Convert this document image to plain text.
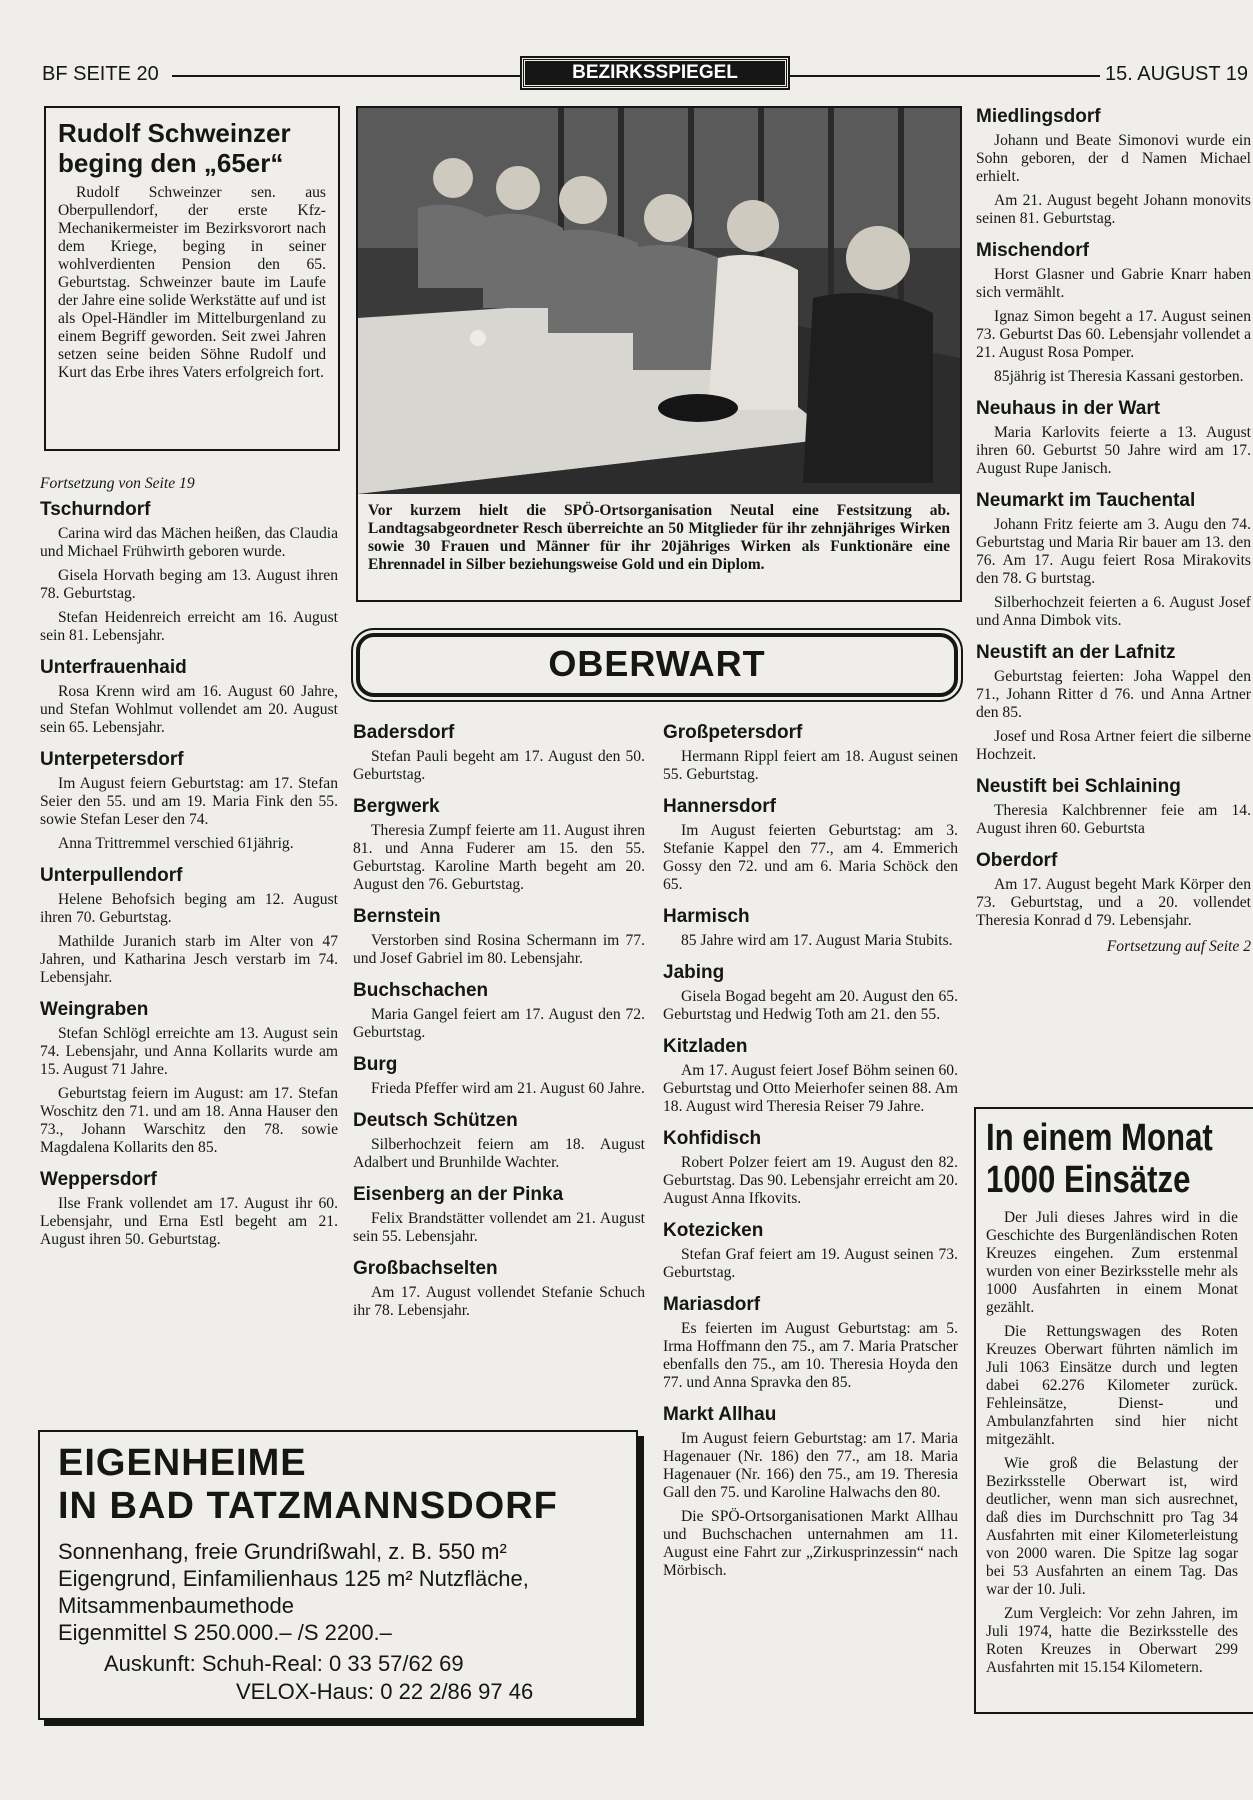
BF SEITE 20	BEZIRKSSPIEGEL	15. AUGUST 19
Rudolf Schweinzer beging den „65er“

Rudolf Schweinzer sen. aus Oberpullendorf, der erste Kfz-Mechanikermeister im Bezirksvorort nach dem Kriege, beging in seiner wohlverdienten Pension den 65. Geburtstag. Schweinzer baute im Laufe der Jahre eine solide Werkstätte auf und ist als Opel-Händler im Mittelburgenland zu einem Begriff geworden. Seit zwei Jahren setzen seine beiden Söhne Rudolf und Kurt das Erbe ihres Vaters erfolgreich fort.

Vor kurzem hielt die SPÖ-Ortsorganisation Neutal eine Festsitzung ab. Landtagsabgeordneter Resch überreichte an 50 Mitglieder für ihr zehnjähriges Wirken sowie 30 Frauen und Männer für ihr 20jähriges Wirken als Funktionäre eine Ehrennadel in Silber beziehungsweise Gold und ein Diplom.
OBERWART

Fortsetzung von Seite 19

Tschurndorf

Carina wird das Mächen heißen, das Claudia und Michael Frühwirth geboren wurde.

Gisela Horvath beging am 13. August ihren 78. Geburtstag.

Stefan Heidenreich erreicht am 16. August sein 81. Lebensjahr.

Unterfrauenhaid

Rosa Krenn wird am 16. August 60 Jahre, und Stefan Wohlmut vollendet am 20. August sein 65. Lebensjahr.

Unterpetersdorf

Im August feiern Geburtstag: am 17. Stefan Seier den 55. und am 19. Maria Fink den 55. sowie Stefan Leser den 74.

Anna Trittremmel verschied 61jährig.

Unterpullendorf

Helene Behofsich beging am 12. August ihren 70. Geburtstag.

Mathilde Juranich starb im Alter von 47 Jahren, und Katharina Jesch verstarb im 74. Lebensjahr.

Weingraben

Stefan Schlögl erreichte am 13. August sein 74. Lebensjahr, und Anna Kollarits wurde am 15. August 71 Jahre.

Geburtstag feiern im August: am 17. Stefan Woschitz den 71. und am 18. Anna Hauser den 73., Johann Warschitz den 78. sowie Magdalena Kollarits den 85.

Weppersdorf

Ilse Frank vollendet am 17. August ihr 60. Lebensjahr, und Erna Estl begeht am 21. August ihren 50. Geburtstag.

Badersdorf

Stefan Pauli begeht am 17. August den 50. Geburtstag.

Bergwerk

Theresia Zumpf feierte am 11. August ihren 81. und Anna Fuderer am 15. den 55. Geburtstag. Karoline Marth begeht am 20. August den 76. Geburtstag.

Bernstein

Verstorben sind Rosina Schermann im 77. und Josef Gabriel im 80. Lebensjahr.

Buchschachen

Maria Gangel feiert am 17. August den 72. Geburtstag.

Burg

Frieda Pfeffer wird am 21. August 60 Jahre.

Deutsch Schützen

Silberhochzeit feiern am 18. August Adalbert und Brunhilde Wachter.

Eisenberg an der Pinka

Felix Brandstätter vollendet am 21. August sein 55. Lebensjahr.

Großbachselten

Am 17. August vollendet Stefanie Schuch ihr 78. Lebensjahr.

Großpetersdorf

Hermann Rippl feiert am 18. August seinen 55. Geburtstag.

Hannersdorf

Im August feierten Geburtstag: am 3. Stefanie Kappel den 77., am 4. Emmerich Gossy den 72. und am 6. Maria Schöck den 65.

Harmisch

85 Jahre wird am 17. August Maria Stubits.

Jabing

Gisela Bogad begeht am 20. August den 65. Geburtstag und Hedwig Toth am 21. den 55.

Kitzladen

Am 17. August feiert Josef Böhm seinen 60. Geburtstag und Otto Meierhofer seinen 88. Am 18. August wird Theresia Reiser 79 Jahre.

Kohfidisch

Robert Polzer feiert am 19. August den 82. Geburtstag. Das 90. Lebensjahr erreicht am 20. August Anna Ifkovits.

Kotezicken

Stefan Graf feiert am 19. August seinen 73. Geburtstag.

Mariasdorf

Es feierten im August Geburtstag: am 5. Irma Hoffmann den 75., am 7. Maria Pratscher ebenfalls den 75., am 10. Theresia Hoyda den 77. und Anna Spravka den 85.

Markt Allhau

Im August feiern Geburtstag: am 17. Maria Hagenauer (Nr. 186) den 77., am 18. Maria Hagenauer (Nr. 166) den 75., am 19. Theresia Gall den 75. und Karoline Halwachs den 80.

Die SPÖ-Ortsorganisationen Markt Allhau und Buchschachen unternahmen am 11. August eine Fahrt zur „Zirkusprinzessin“ nach Mörbisch.

Miedlingsdorf

Johann und Beate Simonovi wurde ein Sohn geboren, der d Namen Michael erhielt.

Am 21. August begeht Johann monovits seinen 81. Geburtstag.

Mischendorf

Horst Glasner und Gabrie Knarr haben sich vermählt.

Ignaz Simon begeht a 17. August seinen 73. Geburtst Das 60. Lebensjahr vollendet a 21. August Rosa Pomper.

85jährig ist Theresia Kassani gestorben.

Neuhaus in der Wart

Maria Karlovits feierte a 13. August ihren 60. Geburtst 50 Jahre wird am 17. August Rupe Janisch.

Neumarkt im Tauchental

Johann Fritz feierte am 3. Augu den 74. Geburtstag und Maria Rir bauer am 13. den 76. Am 17. Augu feiert Rosa Mirakovits den 78. G burtstag.

Silberhochzeit feierten a 6. August Josef und Anna Dimbok vits.

Neustift an der Lafnitz

Geburtstag feierten: Joha Wappel den 71., Johann Ritter d 76. und Anna Artner den 85.

Josef und Rosa Artner feiert die silberne Hochzeit.

Neustift bei Schlaining

Theresia Kalchbrenner feie am 14. August ihren 60. Geburtsta

Oberdorf

Am 17. August begeht Mark Körper den 73. Geburtstag, und a 20. vollendet Theresia Konrad d 79. Lebensjahr.

Fortsetzung auf Seite 2

In einem Monat 1000 Einsätze

Der Juli dieses Jahres wird in die Geschichte des Burgenländischen Roten Kreuzes eingehen. Zum erstenmal wurden von einer Bezirksstelle mehr als 1000 Ausfahrten in einem Monat gezählt.

Die Rettungswagen des Roten Kreuzes Oberwart führten nämlich im Juli 1063 Einsätze durch und legten dabei 62.276 Kilometer zurück. Fehleinsätze, Dienst- und Ambulanzfahrten sind hier nicht mitgezählt.

Wie groß die Belastung der Bezirksstelle Oberwart ist, wird deutlicher, wenn man sich ausrechnet, daß dies im Durchschnitt pro Tag 34 Ausfahrten mit einer Kilometerleistung von 2000 waren. Die Spitze lag sogar bei 53 Ausfahrten an einem Tag. Das war der 10. Juli.

Zum Vergleich: Vor zehn Jahren, im Juli 1974, hatte die Bezirksstelle des Roten Kreuzes in Oberwart 299 Ausfahrten mit 15.154 Kilometern.

EIGENHEIME
IN BAD TATZMANNSDORF
Sonnenhang, freie Grundrißwahl, z. B. 550 m²
Eigengrund, Einfamilienhaus 125 m² Nutzfläche,
Mitsammenbaumethode
Eigenmittel S 250.000.– /S 2200.–
Auskunft: Schuh-Real: 0 33 57/62 69
VELOX-Haus: 0 22 2/86 97 46
